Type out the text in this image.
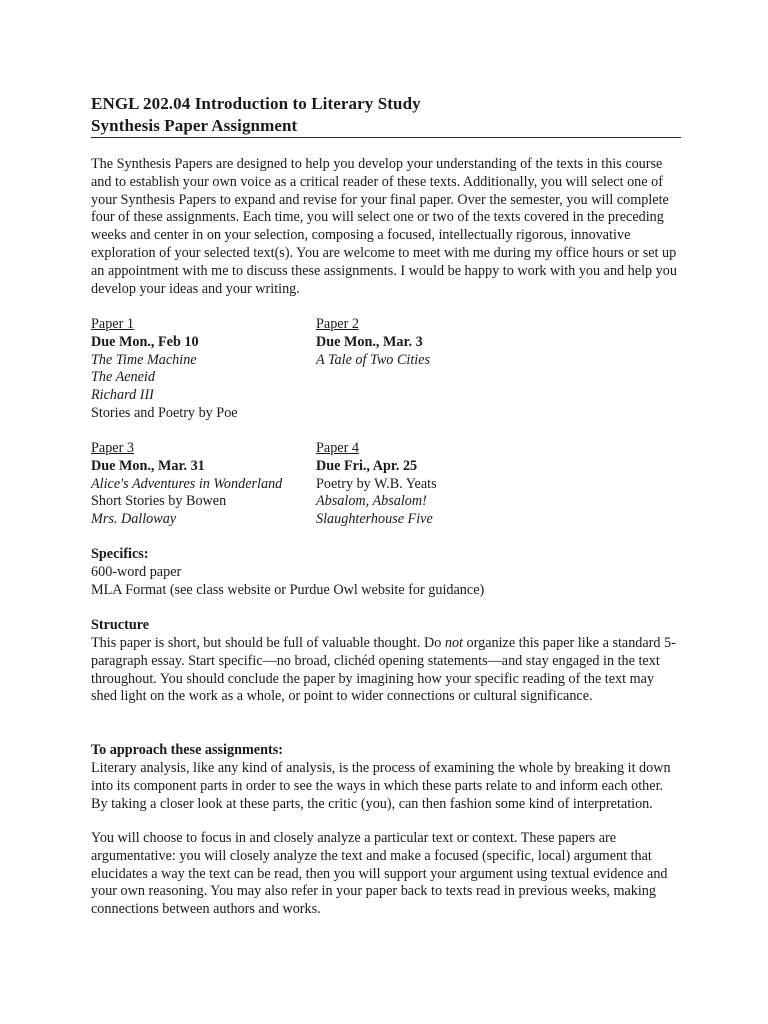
ENGL 202.04 Introduction to Literary Study
Synthesis Paper Assignment

The Synthesis Papers are designed to help you develop your understanding of the texts in this course and to establish your own voice as a critical reader of these texts. Additionally, you will select one of your Synthesis Papers to expand and revise for your final paper. Over the semester, you will complete four of these assignments. Each time, you will select one or two of the texts covered in the preceding weeks and center in on your selection, composing a focused, intellectually rigorous, innovative exploration of your selected text(s). You are welcome to meet with me during my office hours or set up an appointment with me to discuss these assignments. I would be happy to work with you and help you develop your ideas and your writing.

Paper 1
Due Mon., Feb 10
The Time Machine
The Aeneid
Richard III
Stories and Poetry by Poe
Paper 2
Due Mon., Mar. 3
A Tale of Two Cities
Paper 3
Due Mon., Mar. 31
Alice's Adventures in Wonderland
Short Stories by Bowen
Mrs. Dalloway
Paper 4
Due Fri., Apr. 25
Poetry by W.B. Yeats
Absalom, Absalom!
Slaughterhouse Five
Specifics:
600-word paper
MLA Format (see class website or Purdue Owl website for guidance)
Structure

This paper is short, but should be full of valuable thought. Do not organize this paper like a standard 5-paragraph essay. Start specific—no broad, clichéd opening statements—and stay engaged in the text throughout. You should conclude the paper by imagining how your specific reading of the text may shed light on the work as a whole, or point to wider connections or cultural significance.

To approach these assignments:

Literary analysis, like any kind of analysis, is the process of examining the whole by breaking it down into its component parts in order to see the ways in which these parts relate to and inform each other. By taking a closer look at these parts, the critic (you), can then fashion some kind of interpretation.

You will choose to focus in and closely analyze a particular text or context. These papers are argumentative: you will closely analyze the text and make a focused (specific, local) argument that elucidates a way the text can be read, then you will support your argument using textual evidence and your own reasoning. You may also refer in your paper back to texts read in previous weeks, making connections between authors and works.
